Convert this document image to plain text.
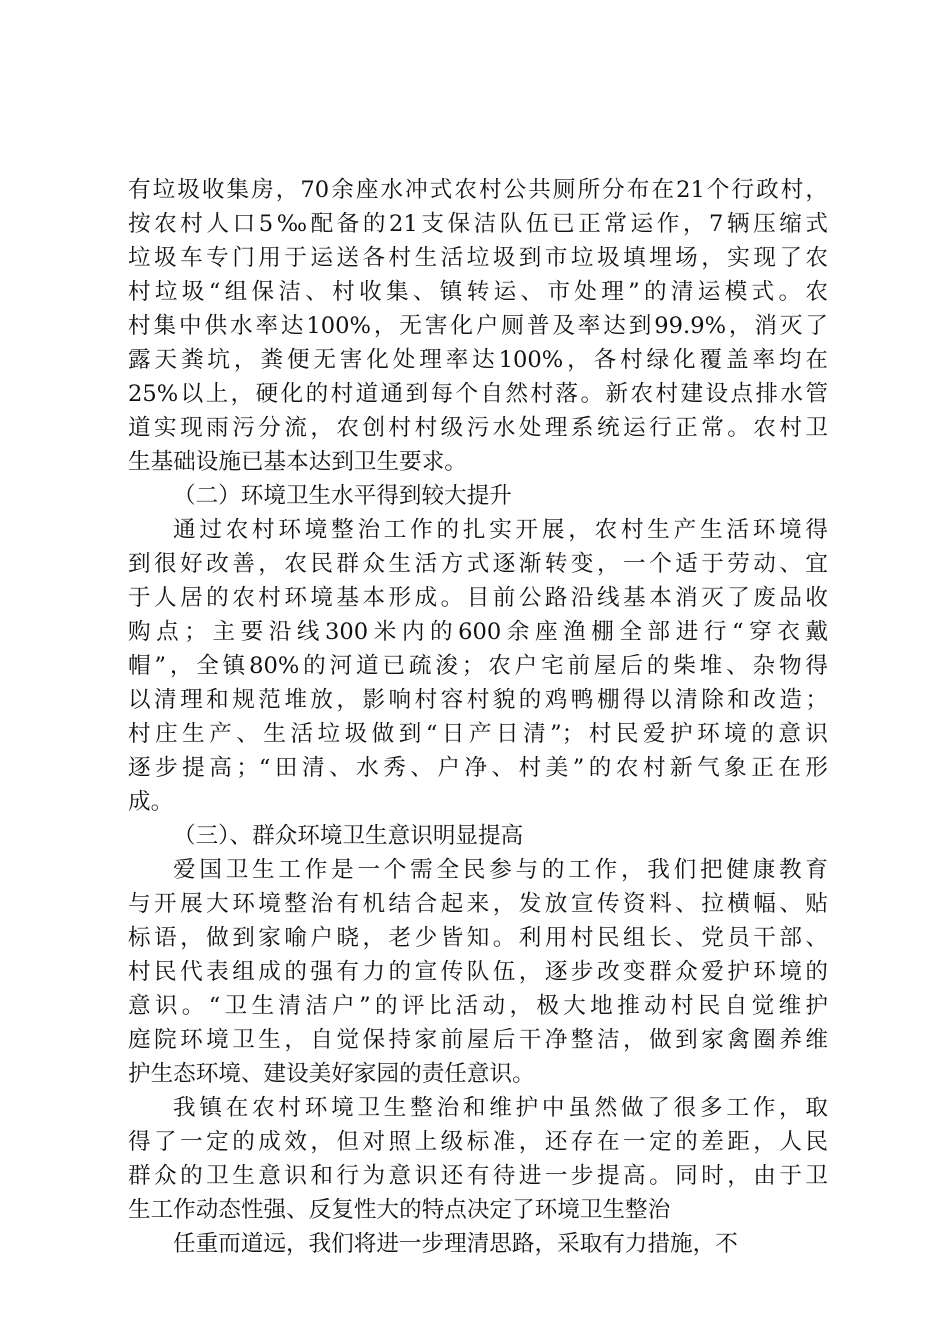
有垃圾收集房，70余座水冲式农村公共厕所分布在21个行政村，
按农村人口5‰配备的21支保洁队伍已正常运作，7辆压缩式
垃圾车专门用于运送各村生活垃圾到市垃圾填埋场，实现了农
村垃圾“组保洁、村收集、镇转运、市处理”的清运模式。农
村集中供水率达100%，无害化户厕普及率达到99.9%，消灭了
露天粪坑，粪便无害化处理率达100%，各村绿化覆盖率均在
25%以上，硬化的村道通到每个自然村落。新农村建设点排水管
道实现雨污分流，农创村村级污水处理系统运行正常。农村卫
生基础设施已基本达到卫生要求。
（二）环境卫生水平得到较大提升
通过农村环境整治工作的扎实开展，农村生产生活环境得
到很好改善，农民群众生活方式逐渐转变，一个适于劳动、宜
于人居的农村环境基本形成。目前公路沿线基本消灭了废品收
购点；主要沿线300米内的600余座渔棚全部进行“穿衣戴
帽”，全镇80%的河道已疏浚；农户宅前屋后的柴堆、杂物得
以清理和规范堆放，影响村容村貌的鸡鸭棚得以清除和改造；
村庄生产、生活垃圾做到“日产日清”；村民爱护环境的意识
逐步提高；“田清、水秀、户净、村美”的农村新气象正在形
成。
（三）、群众环境卫生意识明显提高
爱国卫生工作是一个需全民参与的工作，我们把健康教育
与开展大环境整治有机结合起来，发放宣传资料、拉横幅、贴
标语，做到家喻户晓，老少皆知。利用村民组长、党员干部、
村民代表组成的强有力的宣传队伍，逐步改变群众爱护环境的
意识。“卫生清洁户”的评比活动，极大地推动村民自觉维护
庭院环境卫生，自觉保持家前屋后干净整洁，做到家禽圈养维
护生态环境、建设美好家园的责任意识。
我镇在农村环境卫生整治和维护中虽然做了很多工作，取
得了一定的成效，但对照上级标准，还存在一定的差距，人民
群众的卫生意识和行为意识还有待进一步提高。同时，由于卫
生工作动态性强、反复性大的特点决定了环境卫生整治
任重而道远，我们将进一步理清思路，采取有力措施，不
